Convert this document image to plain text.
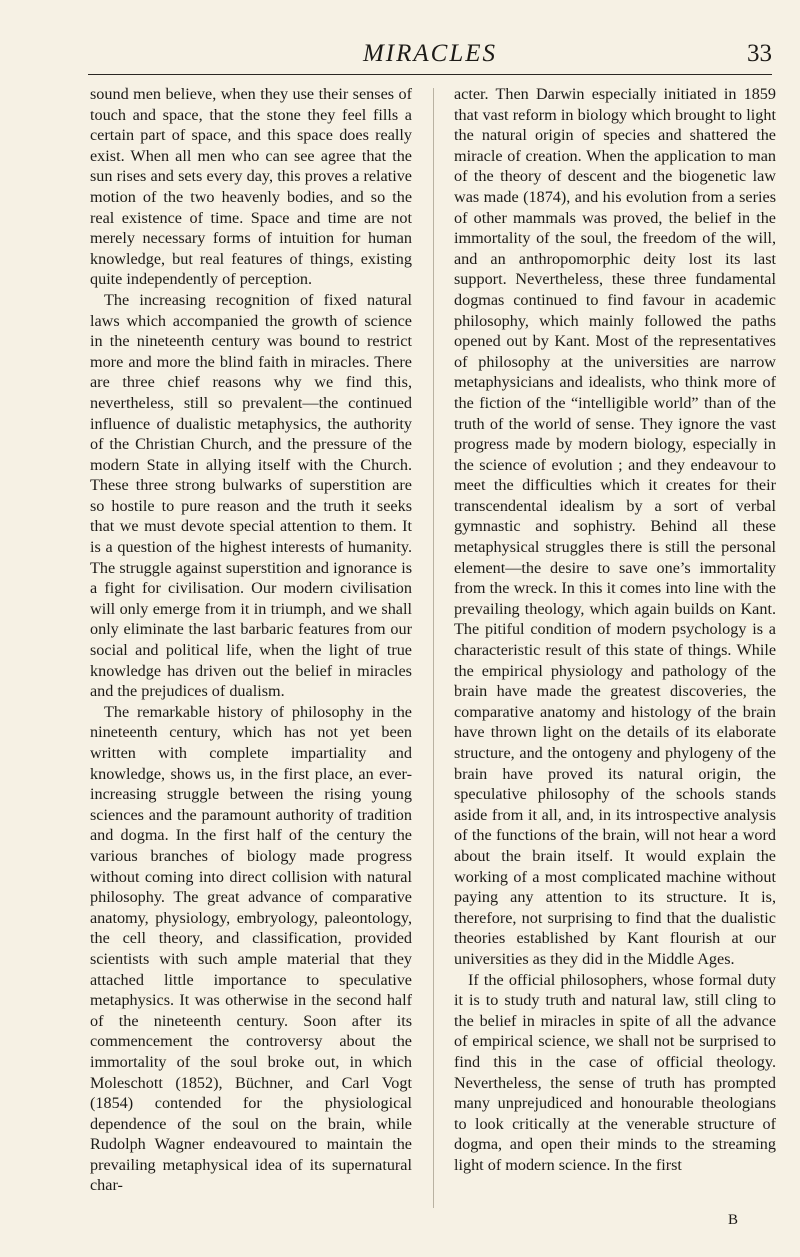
MIRACLES	33

sound men believe, when they use their senses of touch and space, that the stone they feel fills a certain part of space, and this space does really exist. When all men who can see agree that the sun rises and sets every day, this proves a relative motion of the two heavenly bodies, and so the real existence of time. Space and time are not merely necessary forms of intuition for human knowledge, but real features of things, existing quite independently of perception.

The increasing recognition of fixed natural laws which accompanied the growth of science in the nineteenth century was bound to restrict more and more the blind faith in miracles. There are three chief reasons why we find this, nevertheless, still so prevalent—the continued influence of dualistic metaphysics, the authority of the Christian Church, and the pressure of the modern State in allying itself with the Church. These three strong bulwarks of superstition are so hostile to pure reason and the truth it seeks that we must devote special attention to them. It is a question of the highest interests of humanity. The struggle against superstition and ignorance is a fight for civilisation. Our modern civilisation will only emerge from it in triumph, and we shall only eliminate the last barbaric features from our social and political life, when the light of true knowledge has driven out the belief in miracles and the prejudices of dualism.

The remarkable history of philosophy in the nineteenth century, which has not yet been written with complete impartiality and knowledge, shows us, in the first place, an ever-increasing struggle between the rising young sciences and the paramount authority of tradition and dogma. In the first half of the century the various branches of biology made progress without coming into direct collision with natural philosophy. The great advance of comparative anatomy, physiology, embryology, paleontology, the cell theory, and classification, provided scientists with such ample material that they attached little importance to speculative metaphysics. It was otherwise in the second half of the nineteenth century. Soon after its commencement the controversy about the immortality of the soul broke out, in which Moleschott (1852), Büchner, and Carl Vogt (1854) contended for the physiological dependence of the soul on the brain, while Rudolph Wagner endeavoured to maintain the prevailing metaphysical idea of its supernatural char-

acter. Then Darwin especially initiated in 1859 that vast reform in biology which brought to light the natural origin of species and shattered the miracle of creation. When the application to man of the theory of descent and the biogenetic law was made (1874), and his evolution from a series of other mammals was proved, the belief in the immortality of the soul, the freedom of the will, and an anthropomorphic deity lost its last support. Nevertheless, these three fundamental dogmas continued to find favour in academic philosophy, which mainly followed the paths opened out by Kant. Most of the representatives of philosophy at the universities are narrow metaphysicians and idealists, who think more of the fiction of the “intelligible world” than of the truth of the world of sense. They ignore the vast progress made by modern biology, especially in the science of evolution ; and they endeavour to meet the difficulties which it creates for their transcendental idealism by a sort of verbal gymnastic and sophistry. Behind all these metaphysical struggles there is still the personal element—the desire to save one’s immortality from the wreck. In this it comes into line with the prevailing theology, which again builds on Kant. The pitiful condition of modern psychology is a characteristic result of this state of things. While the empirical physiology and pathology of the brain have made the greatest discoveries, the comparative anatomy and histology of the brain have thrown light on the details of its elaborate structure, and the ontogeny and phylogeny of the brain have proved its natural origin, the speculative philosophy of the schools stands aside from it all, and, in its introspective analysis of the functions of the brain, will not hear a word about the brain itself. It would explain the working of a most complicated machine without paying any attention to its structure. It is, therefore, not surprising to find that the dualistic theories established by Kant flourish at our universities as they did in the Middle Ages.

If the official philosophers, whose formal duty it is to study truth and natural law, still cling to the belief in miracles in spite of all the advance of empirical science, we shall not be surprised to find this in the case of official theology. Nevertheless, the sense of truth has prompted many unprejudiced and honourable theologians to look critically at the venerable structure of dogma, and open their minds to the streaming light of modern science. In the first

B
